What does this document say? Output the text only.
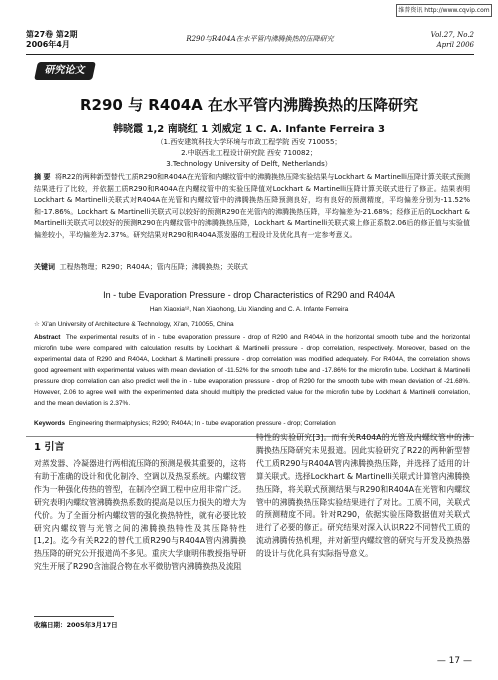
维普资讯 http://www.cqvip.com
第27卷 第2期
2006年4月
R290与R404A在水平管内沸腾换热的压降研究	Vol.27, No.2
April 2006
研究论文
R290 与 R404A 在水平管内沸腾换热的压降研究
韩晓霞 1,2 南晓红 1 刘威定 1 C. A. Infante Ferreira 3
（1.西安建筑科技大学环境与市政工程学院 西安 710055；
2.中联西北工程设计研究院 西安 710082；
3.Technology University of Delft, Netherlands）
摘 要 将R22的两种新型替代工质R290和R404A在光管和内螺纹管中的沸腾换热压降实验结果与Lockhart & Martinelli压降计算关联式预测结果进行了比较，并依据工质R290和R404A在内螺纹管中的实验压降值对Lockhart & Martinelli压降计算关联式进行了修正。结果表明Lockhart & Martinelli关联式对R404A在光管和内螺纹管中的沸腾换热压降预测良好，均有良好的预测精度，平均偏差分别为-11.52%和-17.86%。Lockhart & Martinelli关联式可以较好的预测R290在光管内的沸腾换热压降，平均偏差为-21.68%；经修正后的Lockhart & Martinelli关联式可以较好的预测R290在内螺纹管中的沸腾换热压降，Lockhart & Martinelli关联式乘上修正系数2.06后的修正值与实验值偏差较小，平均偏差为2.37%。研究结果对R290和R404A蒸发器的工程设计及优化具有一定参考意义。
关键词 工程热物理；R290；R404A；管内压降；沸腾换热；关联式
In - tube Evaporation Pressure - drop Characteristics of R290 and R404A
Han Xiaoxia¹², Nan Xiaohong, Liu Xianding and C. A. Infante Ferreira
☆ Xi'an University of Architecture & Technology, Xi'an, 710055, China
Abstract The experimental results of in - tube evaporation pressure - drop of R290 and R404A in the horizontal smooth tube and the horizontal microfin tube were compared with calculation results by Lockhart & Martinelli pressure - drop correlation, respectively. Moreover, based on the experimental data of R290 and R404A, Lockhart & Martinelli pressure - drop correlation was modified adequately. For R404A, the correlation shows good agreement with experimental values with mean deviation of -11.52% for the smooth tube and -17.86% for the microfin tube. Lockhart & Martinelli pressure drop correlation can also predict well the in - tube evaporation pressure - drop of R290 for the smooth tube with mean deviation of -21.68%. However, 2.06 to agree well with the experimented data should multiply the predicted value for the microfin tube by Lockhart & Martinelli correlation, and the mean deviation is 2.37%.
Keywords Engineering thermalphysics; R290; R404A; In - tube evaporation pressure - drop; Correlation
1 引言
对蒸发器、冷凝器进行两相流压降的预测是极其重要的，这将有助于准确的设计和优化制冷、空调以及热泵系统。内螺纹管作为一种强化传热的管型，在制冷空调工程中应用非常广泛。研究表明内螺纹管沸腾换热系数的提高是以压力损失的增大为代价。为了全面分析内螺纹管的强化换热特性，就有必要比较研究内螺纹管与光管之间的沸腾换热特性及其压降特性[1,2]。迄今有关R22的替代工质R290与R404A管内沸腾换热压降的研究公开报道尚不多见。重庆大学康明伟教授指导研究生开展了R290含油混合物在水平微肋管内沸腾换热及流阻
特性的实验研究[3]。而有关R404A的光管及内螺纹管中的沸腾换热压降研究未见报道。因此实验研究了R22的两种新型替代工质R290与R404A管内沸腾换热压降，并选择了适用的计算关联式。选择Lockhart & Martinelli关联式计算管内沸腾换热压降，将关联式预测结果与R290和R404A在光管和内螺纹管中的沸腾换热压降实验结果进行了对比。工质不同，关联式的预测精度不同。针对R290，依据实验压降数据值对关联式进行了必要的修正。研究结果对深入认识R22不同替代工质的流动沸腾传热机理，并对新型内螺纹管的研究与开发及换热器的设计与优化具有实际指导意义。
收稿日期：2005年3月17日
— 17 —
